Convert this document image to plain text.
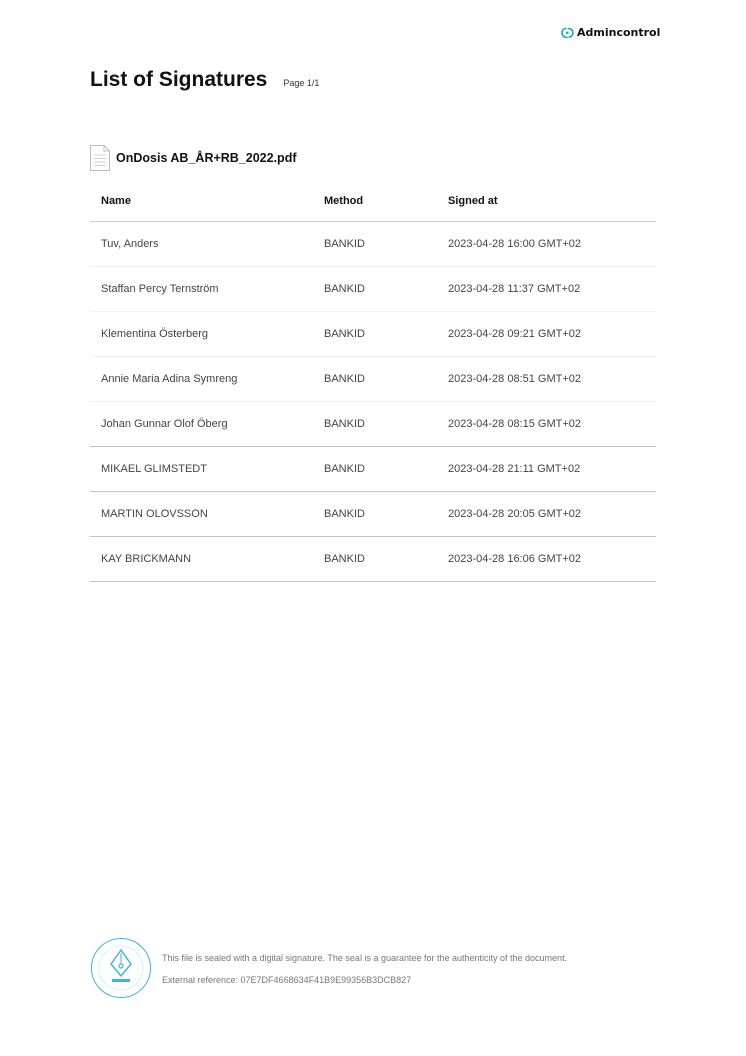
Admincontrol
List of Signatures Page 1/1
OnDosis AB_ÅR+RB_2022.pdf
Name	Method	Signed at
Tuv, Anders	BANKID	2023-04-28 16:00 GMT+02
Staffan Percy Ternström	BANKID	2023-04-28 11:37 GMT+02
Klementina Österberg	BANKID	2023-04-28 09:21 GMT+02
Annie Maria Adina Symreng	BANKID	2023-04-28 08:51 GMT+02
Johan Gunnar Olof Öberg	BANKID	2023-04-28 08:15 GMT+02
MIKAEL GLIMSTEDT	BANKID	2023-04-28 21:11 GMT+02
MARTIN OLOVSSON	BANKID	2023-04-28 20:05 GMT+02
KAY BRICKMANN	BANKID	2023-04-28 16:06 GMT+02
This file is sealed with a digital signature. The seal is a guarantee for the authenticity of the document.
External reference: 07E7DF4668634F41B9E99356B3DCB827
